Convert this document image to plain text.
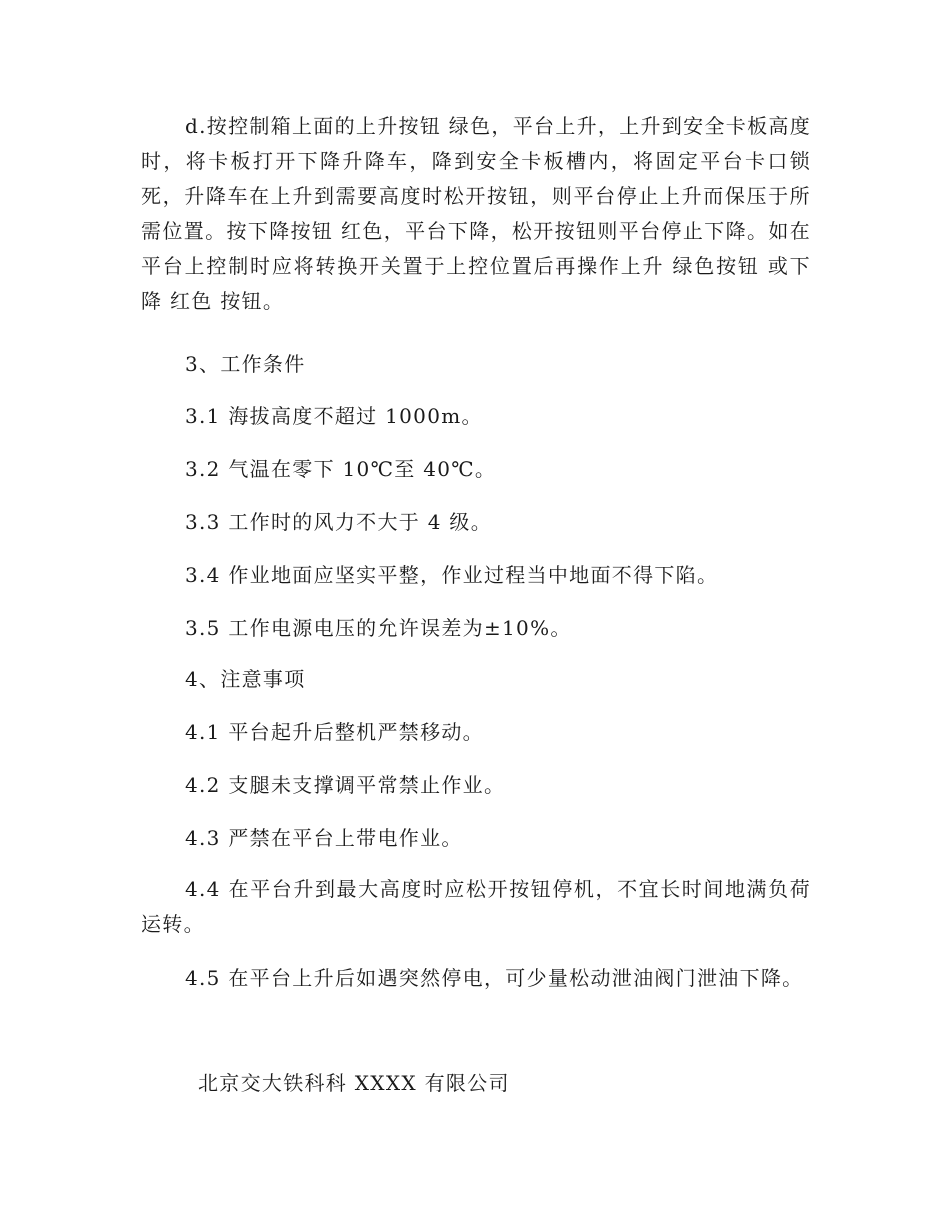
d.按控制箱上面的上升按钮 绿色，平台上升，上升到安全卡板高度时，将卡板打开下降升降车，降到安全卡板槽内，将固定平台卡口锁死，升降车在上升到需要高度时松开按钮，则平台停止上升而保压于所需位置。按下降按钮 红色，平台下降，松开按钮则平台停止下降。如在平台上控制时应将转换开关置于上控位置后再操作上升 绿色按钮 或下降 红色 按钮。

3、工作条件

3.1 海拔高度不超过 1000m。

3.2 气温在零下 10℃至 40℃。

3.3 工作时的风力不大于 4 级。

3.4 作业地面应坚实平整，作业过程当中地面不得下陷。

3.5 工作电源电压的允许误差为±10%。

4、注意事项

4.1 平台起升后整机严禁移动。

4.2 支腿未支撑调平常禁止作业。

4.3 严禁在平台上带电作业。

4.4 在平台升到最大高度时应松开按钮停机，不宜长时间地满负荷运转。

4.5 在平台上升后如遇突然停电，可少量松动泄油阀门泄油下降。

北京交大铁科科 XXXX 有限公司
